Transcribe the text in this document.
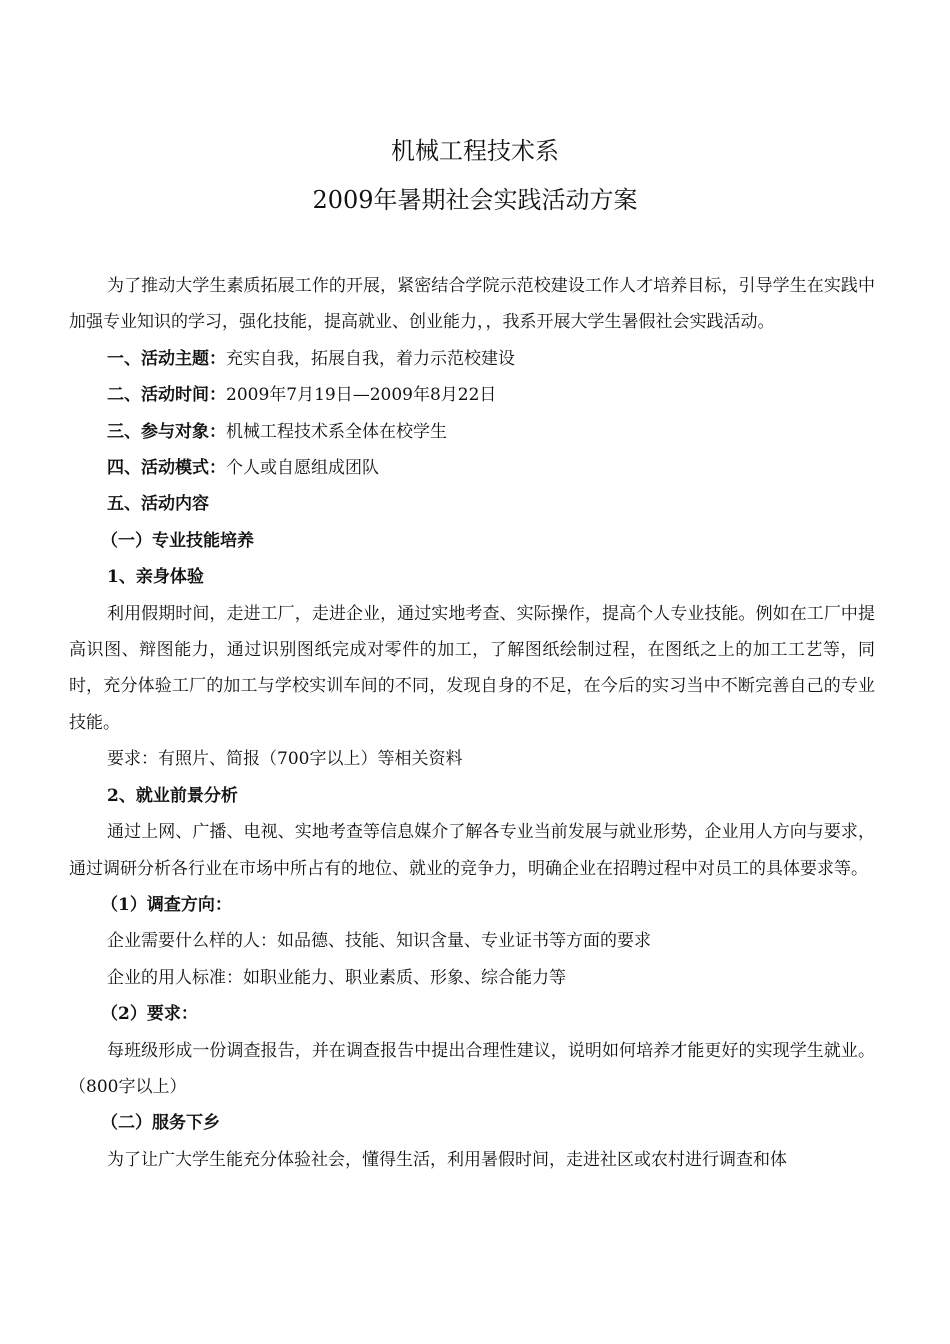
机械工程技术系
2009年暑期社会实践活动方案

为了推动大学生素质拓展工作的开展，紧密结合学院示范校建设工作人才培养目标，引导学生在实践中加强专业知识的学习，强化技能，提高就业、创业能力，，我系开展大学生暑假社会实践活动。

一、活动主题：充实自我，拓展自我，着力示范校建设

二、活动时间：2009年7月19日—2009年8月22日

三、参与对象：机械工程技术系全体在校学生

四、活动模式：个人或自愿组成团队

五、活动内容

（一）专业技能培养

1、亲身体验

利用假期时间，走进工厂，走进企业，通过实地考查、实际操作，提高个人专业技能。例如在工厂中提高识图、辩图能力，通过识别图纸完成对零件的加工，了解图纸绘制过程，在图纸之上的加工工艺等，同时，充分体验工厂的加工与学校实训车间的不同，发现自身的不足，在今后的实习当中不断完善自己的专业技能。

要求：有照片、简报（700字以上）等相关资料

2、就业前景分析

通过上网、广播、电视、实地考查等信息媒介了解各专业当前发展与就业形势，企业用人方向与要求，通过调研分析各行业在市场中所占有的地位、就业的竞争力，明确企业在招聘过程中对员工的具体要求等。

（1）调查方向：

企业需要什么样的人：如品德、技能、知识含量、专业证书等方面的要求

企业的用人标准：如职业能力、职业素质、形象、综合能力等

（2）要求：

每班级形成一份调查报告，并在调查报告中提出合理性建议，说明如何培养才能更好的实现学生就业。（800字以上）

（二）服务下乡

为了让广大学生能充分体验社会，懂得生活，利用暑假时间，走进社区或农村进行调查和体
